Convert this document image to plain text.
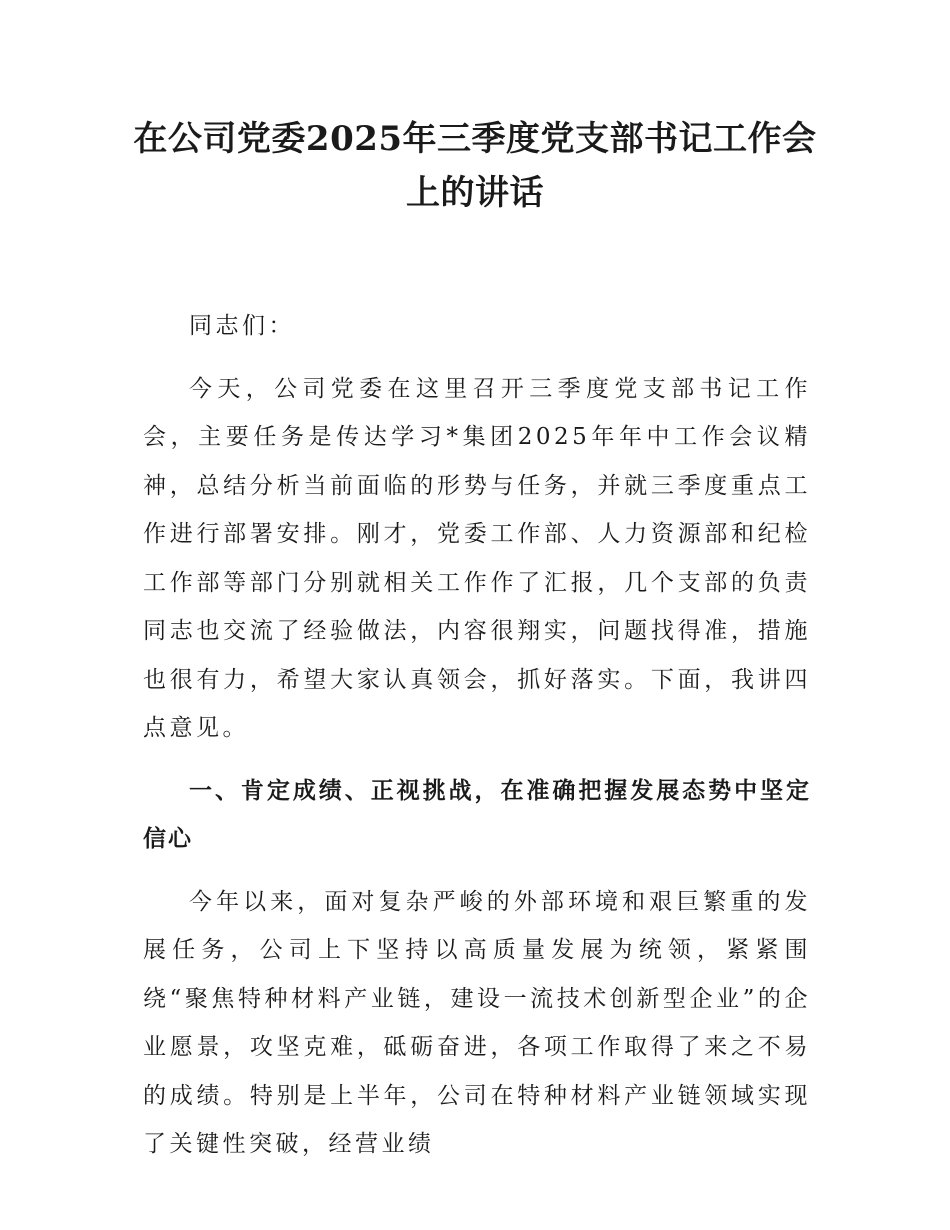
在公司党委2025年三季度党支部书记工作会上的讲话

同志们：

今天，公司党委在这里召开三季度党支部书记工作会，主要任务是传达学习*集团2025年年中工作会议精神，总结分析当前面临的形势与任务，并就三季度重点工作进行部署安排。刚才，党委工作部、人力资源部和纪检工作部等部门分别就相关工作作了汇报，几个支部的负责同志也交流了经验做法，内容很翔实，问题找得准，措施也很有力，希望大家认真领会，抓好落实。下面，我讲四点意见。

一、肯定成绩、正视挑战，在准确把握发展态势中坚定信心

今年以来，面对复杂严峻的外部环境和艰巨繁重的发展任务，公司上下坚持以高质量发展为统领，紧紧围绕“聚焦特种材料产业链，建设一流技术创新型企业”的企业愿景，攻坚克难，砥砺奋进，各项工作取得了来之不易的成绩。特别是上半年，公司在特种材料产业链领域实现了关键性突破，经营业绩
